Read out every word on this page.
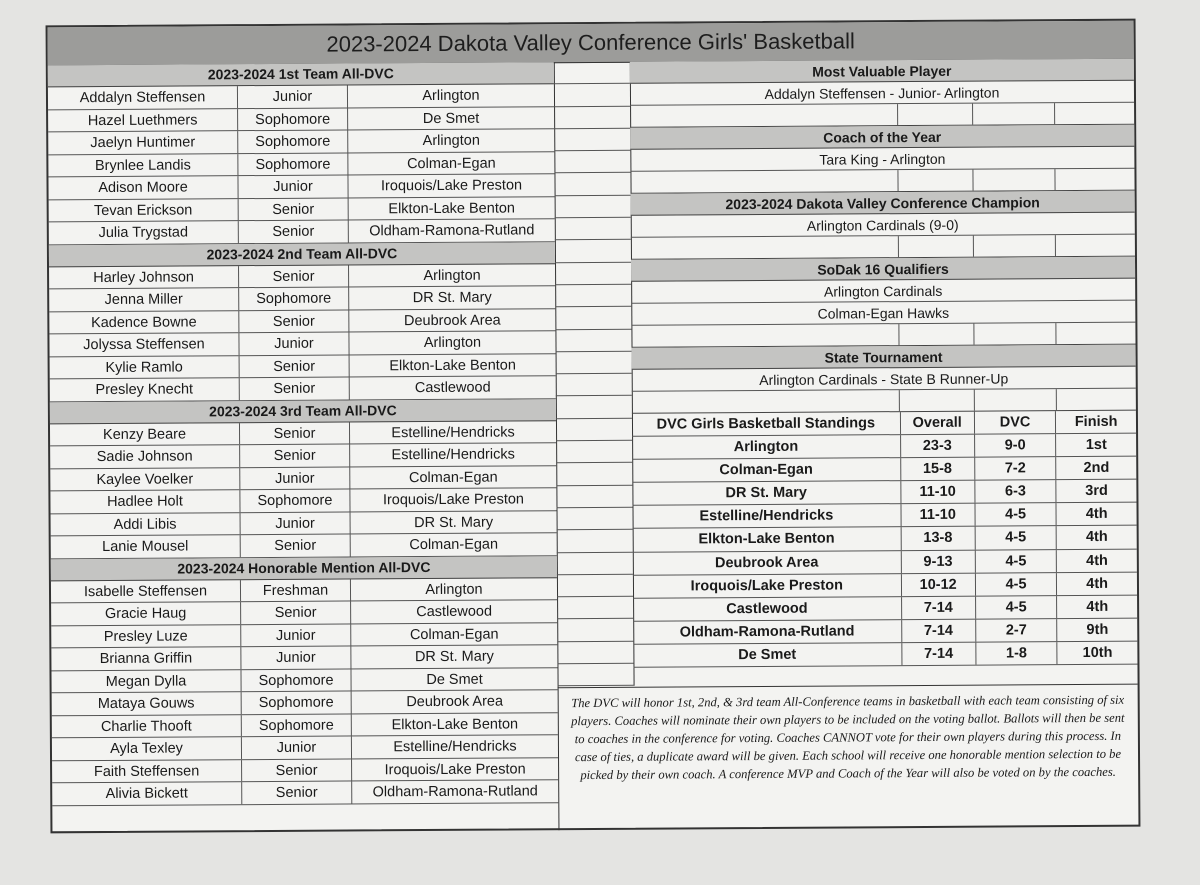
2023-2024 Dakota Valley Conference Girls' Basketball
2023-2024 1st Team All-DVC
Addalyn Steffensen	Junior	Arlington
Hazel Luethmers	Sophomore	De Smet
Jaelyn Huntimer	Sophomore	Arlington
Brynlee Landis	Sophomore	Colman-Egan
Adison Moore	Junior	Iroquois/Lake Preston
Tevan Erickson	Senior	Elkton-Lake Benton
Julia Trygstad	Senior	Oldham-Ramona-Rutland
2023-2024 2nd Team All-DVC
Harley Johnson	Senior	Arlington
Jenna Miller	Sophomore	DR St. Mary
Kadence Bowne	Senior	Deubrook Area
Jolyssa Steffensen	Junior	Arlington
Kylie Ramlo	Senior	Elkton-Lake Benton
Presley Knecht	Senior	Castlewood
2023-2024 3rd Team All-DVC
Kenzy Beare	Senior	Estelline/Hendricks
Sadie Johnson	Senior	Estelline/Hendricks
Kaylee Voelker	Junior	Colman-Egan
Hadlee Holt	Sophomore	Iroquois/Lake Preston
Addi Libis	Junior	DR St. Mary
Lanie Mousel	Senior	Colman-Egan
2023-2024 Honorable Mention All-DVC
Isabelle Steffensen	Freshman	Arlington
Gracie Haug	Senior	Castlewood
Presley Luze	Junior	Colman-Egan
Brianna Griffin	Junior	DR St. Mary
Megan Dylla	Sophomore	De Smet
Mataya Gouws	Sophomore	Deubrook Area
Charlie Thooft	Sophomore	Elkton-Lake Benton
Ayla Texley	Junior	Estelline/Hendricks
Faith Steffensen	Senior	Iroquois/Lake Preston
Alivia Bickett	Senior	Oldham-Ramona-Rutland
Most Valuable Player
Addalyn Steffensen - Junior- Arlington
Coach of the Year
Tara King - Arlington
2023-2024 Dakota Valley Conference Champion
Arlington Cardinals (9-0)
SoDak 16 Qualifiers
Arlington Cardinals
Colman-Egan Hawks
State Tournament
Arlington Cardinals - State B Runner-Up
DVC Girls Basketball Standings	Overall	DVC	Finish
Arlington	23-3	9-0	1st
Colman-Egan	15-8	7-2	2nd
DR St. Mary	11-10	6-3	3rd
Estelline/Hendricks	11-10	4-5	4th
Elkton-Lake Benton	13-8	4-5	4th
Deubrook Area	9-13	4-5	4th
Iroquois/Lake Preston	10-12	4-5	4th
Castlewood	7-14	4-5	4th
Oldham-Ramona-Rutland	7-14	2-7	9th
De Smet	7-14	1-8	10th
The DVC will honor 1st, 2nd, & 3rd team All-Conference teams in basketball with each team consisting of six players. Coaches will nominate their own players to be included on the voting ballot. Ballots will then be sent to coaches in the conference for voting. Coaches CANNOT vote for their own players during this process. In case of ties, a duplicate award will be given. Each school will receive one honorable mention selection to be picked by their own coach. A conference MVP and Coach of the Year will also be voted on by the coaches.
